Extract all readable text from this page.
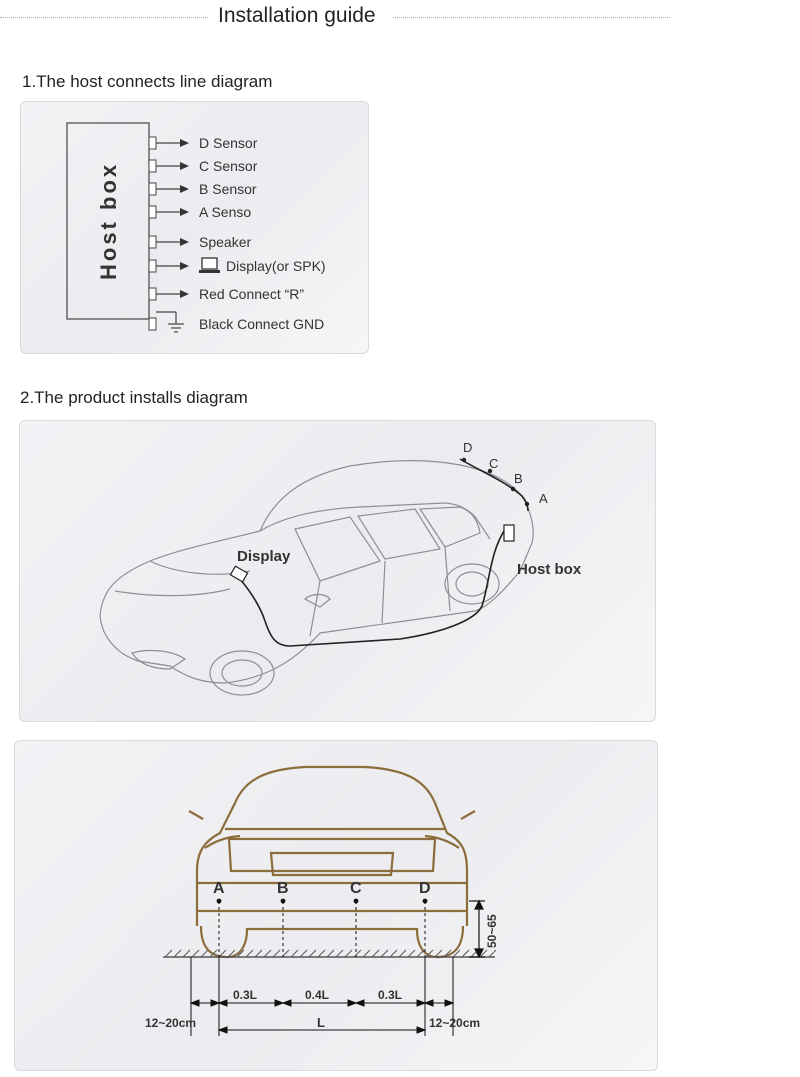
Installation guide
1.The host connects line diagram
Host box
D Sensor
C Sensor
B Sensor
A Senso
Speaker
Display(or SPK)
Red Connect “R”
Black Connect GND
2.The product installs diagram
D
C
B
A
Display
Host box
A	B	C	D
50~65
0.3L	0.4L	0.3L
L
12~20cm	12~20cm
